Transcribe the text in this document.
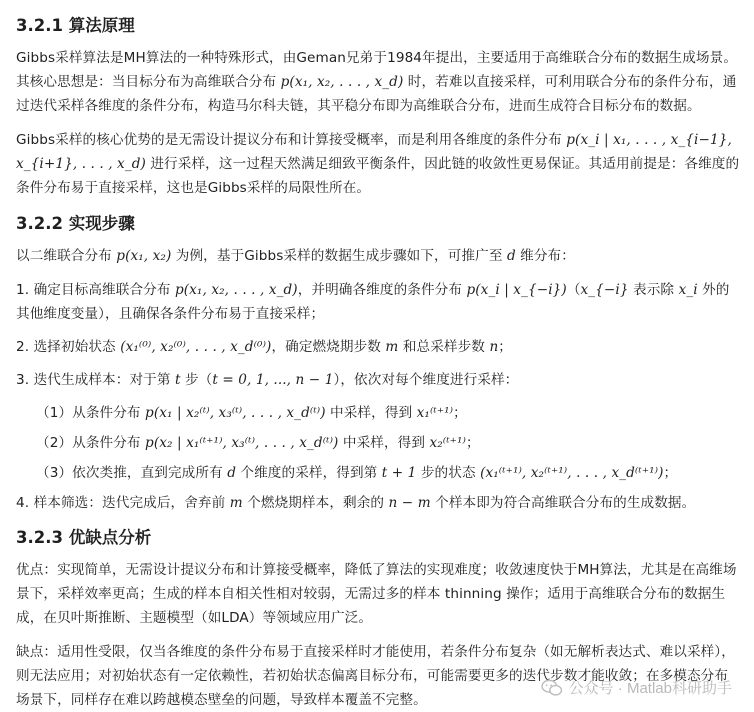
3.2.1 算法原理

Gibbs采样算法是MH算法的一种特殊形式，由Geman兄弟于1984年提出，主要适用于高维联合分布的数据生成场景。其核心思想是：当目标分布为高维联合分布 p(x₁, x₂, . . . , x_d) 时，若难以直接采样，可利用联合分布的条件分布，通过迭代采样各维度的条件分布，构造马尔科夫链，其平稳分布即为高维联合分布，进而生成符合目标分布的数据。

Gibbs采样的核心优势的是无需设计提议分布和计算接受概率，而是利用各维度的条件分布 p(x_i | x₁, . . . , x_{i−1}, x_{i+1}, . . . , x_d) 进行采样，这一过程天然满足细致平衡条件，因此链的收敛性更易保证。其适用前提是：各维度的条件分布易于直接采样，这也是Gibbs采样的局限性所在。

3.2.2 实现步骤

以二维联合分布 p(x₁, x₂) 为例，基于Gibbs采样的数据生成步骤如下，可推广至 d 维分布：

1. 确定目标高维联合分布 p(x₁, x₂, . . . , x_d)，并明确各维度的条件分布 p(x_i | x_{−i})（x_{−i} 表示除 x_i 外的其他维度变量），且确保各条件分布易于直接采样；
2. 选择初始状态 (x₁⁽⁰⁾, x₂⁽⁰⁾, . . . , x_d⁽⁰⁾)，确定燃烧期步数 m 和总采样步数 n；
3. 迭代生成样本：对于第 t 步（t = 0, 1, ..., n − 1），依次对每个维度进行采样：
（1）从条件分布 p(x₁ | x₂⁽ᵗ⁾, x₃⁽ᵗ⁾, . . . , x_d⁽ᵗ⁾) 中采样，得到 x₁⁽ᵗ⁺¹⁾；
（2）从条件分布 p(x₂ | x₁⁽ᵗ⁺¹⁾, x₃⁽ᵗ⁾, . . . , x_d⁽ᵗ⁾) 中采样，得到 x₂⁽ᵗ⁺¹⁾；
（3）依次类推，直到完成所有 d 个维度的采样，得到第 t + 1 步的状态 (x₁⁽ᵗ⁺¹⁾, x₂⁽ᵗ⁺¹⁾, . . . , x_d⁽ᵗ⁺¹⁾)；
4. 样本筛选：迭代完成后，舍弃前 m 个燃烧期样本，剩余的 n − m 个样本即为符合高维联合分布的生成数据。
3.2.3 优缺点分析

优点：实现简单，无需设计提议分布和计算接受概率，降低了算法的实现难度；收敛速度快于MH算法，尤其是在高维场景下，采样效率更高；生成的样本自相关性相对较弱，无需过多的样本 thinning 操作；适用于高维联合分布的数据生成，在贝叶斯推断、主题模型（如LDA）等领域应用广泛。

缺点：适用性受限，仅当各维度的条件分布易于直接采样时才能使用，若条件分布复杂（如无解析表达式、难以采样），则无法应用；对初始状态有一定依赖性，若初始状态偏离目标分布，可能需要更多的迭代步数才能收敛；在多模态分布场景下，同样存在难以跨越模态壁垒的问题，导致样本覆盖不完整。

公众号 · Matlab科研助手
